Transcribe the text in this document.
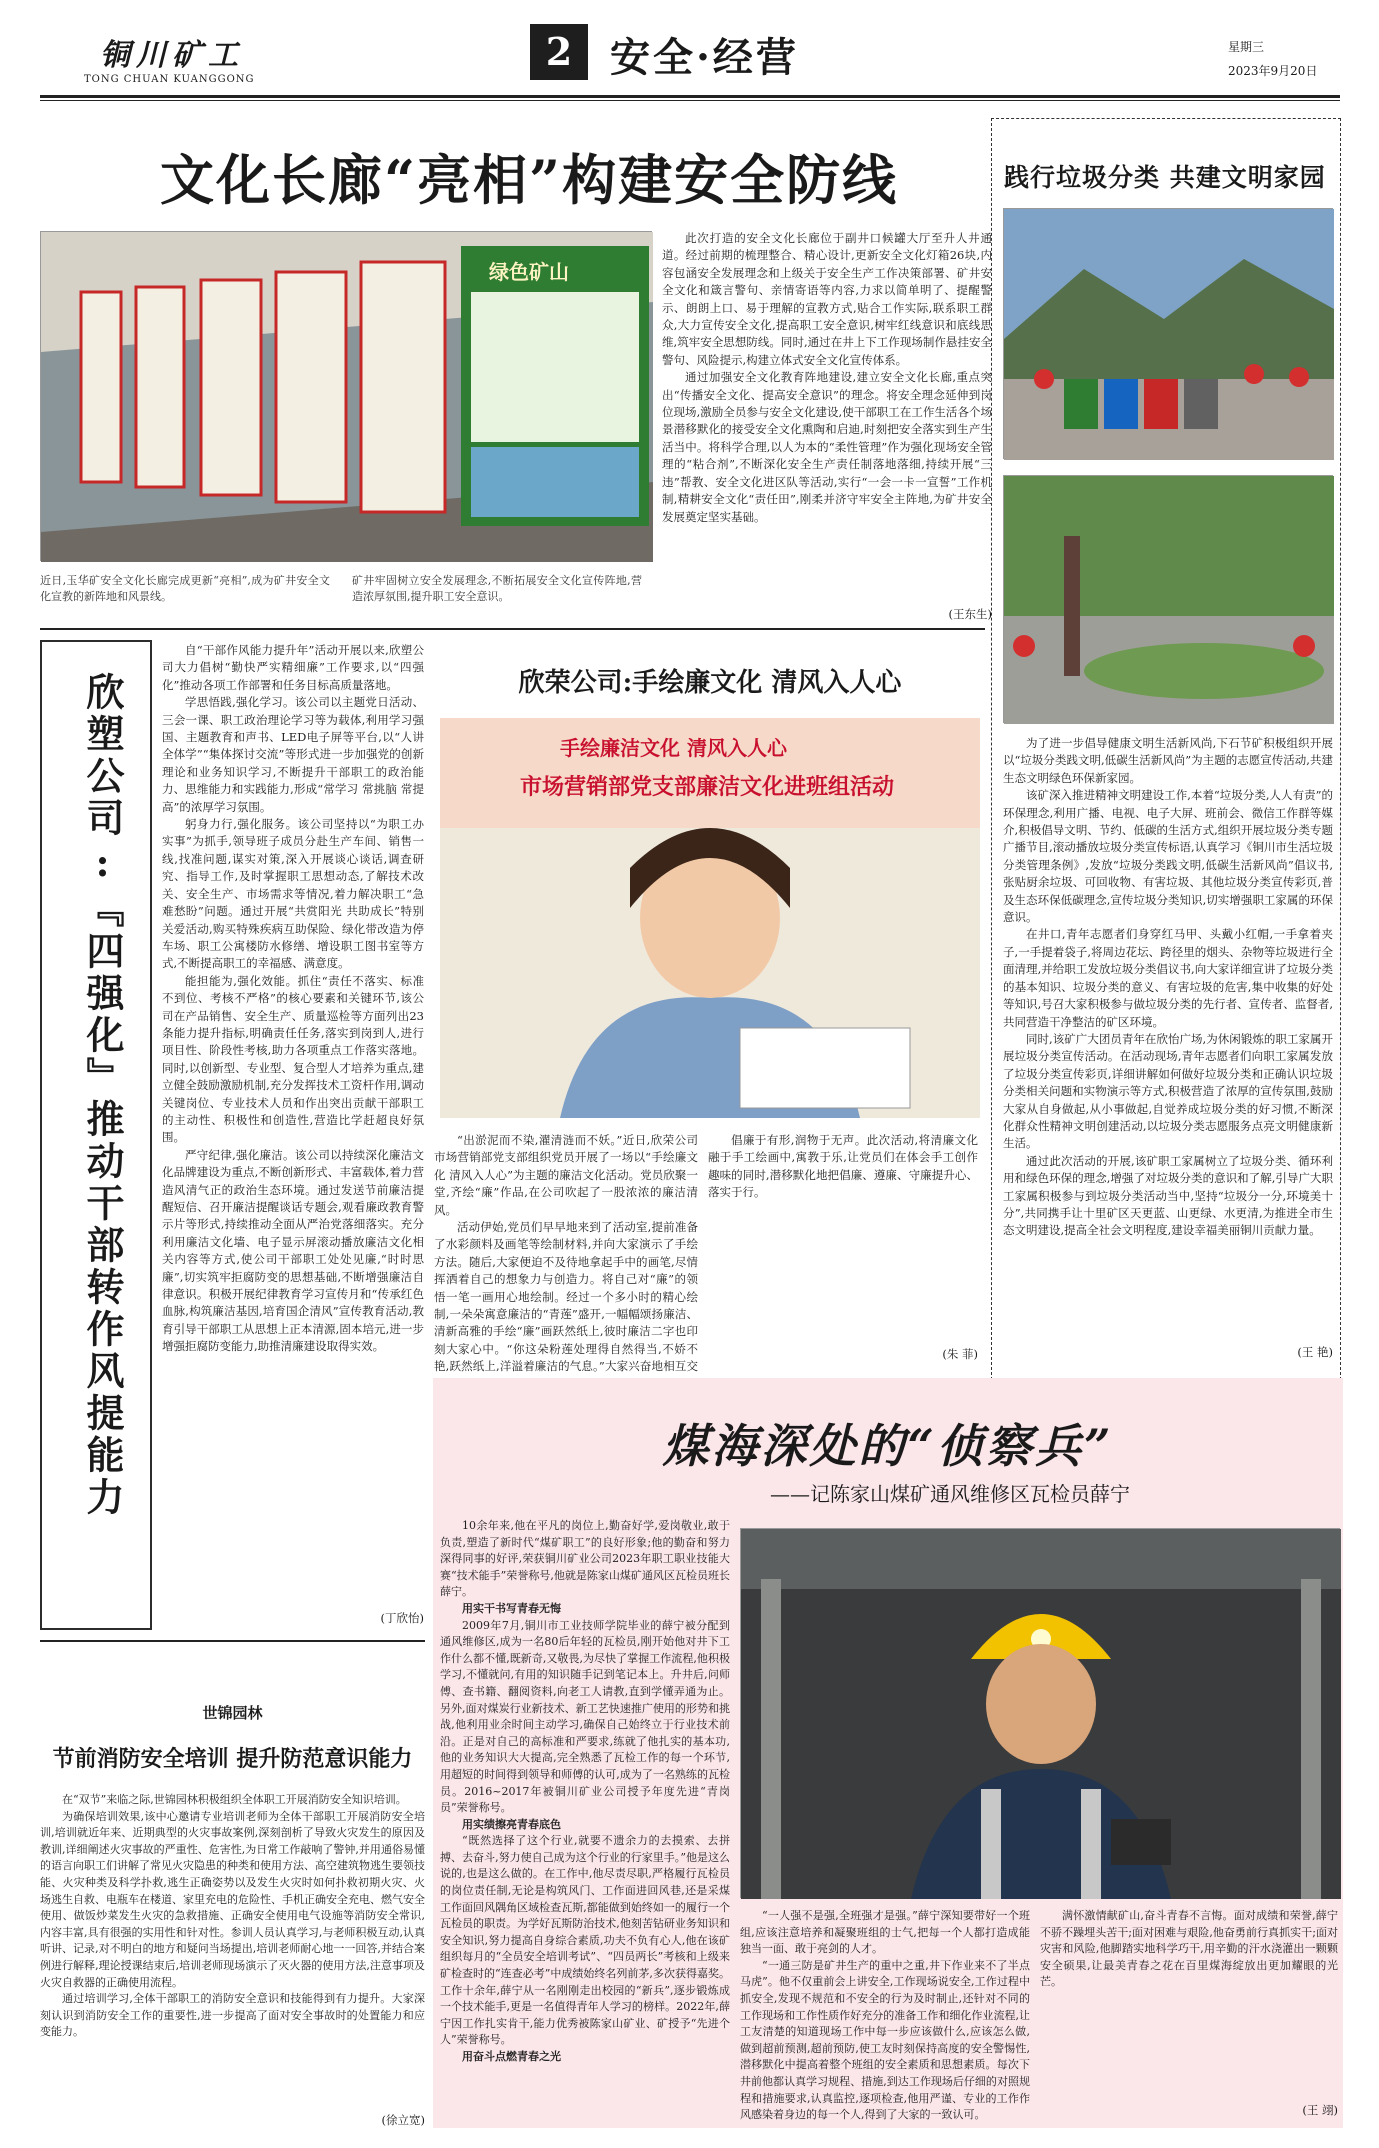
铜川矿工
TONG CHUAN KUANGGONG
2 安全·经营	星期三
2023年9月20日
文化长廊“亮相”构建安全防线
绿色矿山
近日,玉华矿安全文化长廊完成更新“亮相”,成为矿井安全文化宣教的新阵地和风景线。
矿井牢固树立安全发展理念,不断拓展安全文化宣传阵地,营造浓厚氛围,提升职工安全意识。

此次打造的安全文化长廊位于副井口候罐大厅至升人井通道。经过前期的梳理整合、精心设计,更新安全文化灯箱26块,内容包涵安全发展理念和上级关于安全生产工作决策部署、矿井安全文化和箴言警句、亲情寄语等内容,力求以简单明了、提醒警示、朗朗上口、易于理解的宣教方式,贴合工作实际,联系职工群众,大力宣传安全文化,提高职工安全意识,树牢红线意识和底线思维,筑牢安全思想防线。同时,通过在井上下工作现场制作悬挂安全警句、风险提示,构建立体式安全文化宣传体系。

通过加强安全文化教育阵地建设,建立安全文化长廊,重点突出“传播安全文化、提高安全意识”的理念。将安全理念延伸到岗位现场,激励全员参与安全文化建设,使干部职工在工作生活各个场景潜移默化的接受安全文化熏陶和启迪,时刻把安全落实到生产生活当中。将科学合理,以人为本的“柔性管理”作为强化现场安全管理的“粘合剂”,不断深化安全生产责任制落地落细,持续开展“三违”帮教、安全文化进区队等活动,实行“一会一卡一宣誓”工作机制,精耕安全文化“责任田”,刚柔并济守牢安全主阵地,为矿井安全发展奠定坚实基础。

(王东生)
践行垃圾分类 共建文明家园

为了进一步倡导健康文明生活新风尚,下石节矿积极组织开展以“垃圾分类践文明,低碳生活新风尚”为主题的志愿宣传活动,共建生态文明绿色环保新家园。

该矿深入推进精神文明建设工作,本着“垃圾分类,人人有责”的环保理念,利用广播、电视、电子大屏、班前会、微信工作群等媒介,积极倡导文明、节约、低碳的生活方式,组织开展垃圾分类专题广播节目,滚动播放垃圾分类宣传标语,认真学习《铜川市生活垃圾分类管理条例》,发放“垃圾分类践文明,低碳生活新风尚”倡议书,张贴厨余垃圾、可回收物、有害垃圾、其他垃圾分类宣传彩页,普及生态环保低碳理念,宣传垃圾分类知识,切实增强职工家属的环保意识。

在井口,青年志愿者们身穿红马甲、头戴小红帽,一手拿着夹子,一手提着袋子,将周边花坛、跨径里的烟头、杂物等垃圾进行全面清理,并给职工发放垃圾分类倡议书,向大家详细宣讲了垃圾分类的基本知识、垃圾分类的意义、有害垃圾的危害,集中收集的好处等知识,号召大家积极参与做垃圾分类的先行者、宣传者、监督者,共同营造干净整洁的矿区环境。

同时,该矿广大团员青年在欣怡广场,为休闲锻炼的职工家属开展垃圾分类宣传活动。在活动现场,青年志愿者们向职工家属发放了垃圾分类宣传彩页,详细讲解如何做好垃圾分类和正确认识垃圾分类相关问题和实物演示等方式,积极营造了浓厚的宣传氛围,鼓励大家从自身做起,从小事做起,自觉养成垃圾分类的好习惯,不断深化群众性精神文明创建活动,以垃圾分类志愿服务点亮文明健康新生活。

通过此次活动的开展,该矿职工家属树立了垃圾分类、循环利用和绿色环保的理念,增强了对垃圾分类的意识和了解,引导广大职工家属积极参与到垃圾分类活动当中,坚持“垃圾分一分,环境美十分”,共同携手让十里矿区天更蓝、山更绿、水更清,为推进全市生态文明建设,提高全社会文明程度,建设幸福美丽铜川贡献力量。

(王 艳)
欣塑公司:『四强化』推动干部转作风提能力

自“干部作风能力提升年”活动开展以来,欣塑公司大力倡树“勤快严实精细廉”工作要求,以“四强化”推动各项工作部署和任务目标高质量落地。

学思悟践,强化学习。该公司以主题党日活动、三会一课、职工政治理论学习等为载体,利用学习强国、主题教育和声书、LED电子屏等平台,以“人讲 全体学”“集体探讨交流”等形式进一步加强党的创新理论和业务知识学习,不断提升干部职工的政治能力、思维能力和实践能力,形成“常学习 常挑脑 常提高”的浓厚学习氛围。

躬身力行,强化服务。该公司坚持以“为职工办实事”为抓手,领导班子成员分赴生产车间、销售一线,找准问题,谋实对策,深入开展谈心谈话,调查研究、指导工作,及时掌握职工思想动态,了解技术改关、安全生产、市场需求等情况,着力解决职工“急难愁盼”问题。通过开展“共赏阳光 共助成长”特别关爱活动,购买特殊疾病互助保险、绿化带改造为停车场、职工公寓楼防水修缮、增设职工图书室等方式,不断提高职工的幸福感、满意度。

能担能为,强化效能。抓住“责任不落实、标准不到位、考核不严格”的核心要素和关键环节,该公司在产品销售、安全生产、质量巡检等方面列出23条能力提升指标,明确责任任务,落实到岗到人,进行项目性、阶段性考核,助力各项重点工作落实落地。同时,以创新型、专业型、复合型人才培养为重点,建立健全鼓励激励机制,充分发挥技术工资杆作用,调动关键岗位、专业技术人员和作出突出贡献干部职工的主动性、积极性和创造性,营造比学赶超良好氛围。

严守纪律,强化廉洁。该公司以持续深化廉洁文化品牌建设为重点,不断创新形式、丰富载体,着力营造风清气正的政治生态环境。通过发送节前廉洁提醒短信、召开廉洁提醒谈话专题会,观看廉政教育警示片等形式,持续推动全面从严治党落细落实。充分利用廉洁文化墙、电子显示屏滚动播放廉洁文化相关内容等方式,使公司干部职工处处见廉,“时时思廉”,切实筑牢拒腐防变的思想基础,不断增强廉洁自律意识。积极开展纪律教育学习宣传月和“传承红色血脉,构筑廉洁基因,培育国企清风”宣传教育活动,教育引导干部职工从思想上正本清源,固本培元,进一步增强拒腐防变能力,助推清廉建设取得实效。

(丁欣怡)
欣荣公司:手绘廉文化 清风入人心
手绘廉洁文化 清风入人心
市场营销部党支部廉洁文化进班组活动

“出淤泥而不染,濯清涟而不妖。”近日,欣荣公司市场营销部党支部组织党员开展了一场以“手绘廉文化 清风入人心”为主题的廉洁文化活动。党员欣聚一堂,齐绘“廉”作品,在公司吹起了一股浓浓的廉洁清风。

活动伊始,党员们早早地来到了活动室,提前准备了水彩颜料及画笔等绘制材料,并向大家演示了手绘方法。随后,大家便迫不及待地拿起手中的画笔,尽情挥洒着自己的想象力与创造力。将自己对“廉”的领悟一笔一画用心地绘制。经过一个多小时的精心绘制,一朵朵寓意廉洁的“青莲”盛开,一幅幅颂扬廉洁、清新高雅的手绘“廉”画跃然纸上,彼时廉洁二字也印刻大家心中。“你这朵粉莲处理得自然得当,不娇不艳,跃然纸上,洋溢着廉洁的气息。”大家兴奋地相互交

倡廉于有形,润物于无声。此次活动,将清廉文化融于手工绘画中,寓教于乐,让党员们在体会手工创作趣味的同时,潜移默化地把倡廉、遵廉、守廉提升心、落实于行。

(朱 菲)
世锦园林
节前消防安全培训 提升防范意识能力

在“双节”来临之际,世锦园林积极组织全体职工开展消防安全知识培训。

为确保培训效果,该中心邀请专业培训老师为全体干部职工开展消防安全培训,培训就近年来、近期典型的火灾事故案例,深刻剖析了导致火灾发生的原因及教训,详细阐述火灾事故的严重性、危害性,为日常工作敲响了警钟,并用通俗易懂的语言向职工们讲解了常见火灾隐患的种类和使用方法、高空建筑物逃生要领技能、火灾种类及科学扑救,逃生正确姿势以及发生火灾时如何扑救初期火灾、火场逃生自救、电瓶车在楼道、家里充电的危险性、手机正确安全充电、燃气安全使用、做饭炒菜发生火灾的急救措施、正确安全使用电气设施等消防安全常识,内容丰富,具有很强的实用性和针对性。参训人员认真学习,与老师积极互动,认真听讲、记录,对不明白的地方和疑问当场提出,培训老师耐心地一一回答,并结合案例进行解释,理论授课结束后,培训老师现场演示了灭火器的使用方法,注意事项及火灾自救器的正确使用流程。

通过培训学习,全体干部职工的消防安全意识和技能得到有力提升。大家深刻认识到消防安全工作的重要性,进一步提高了面对安全事故时的处置能力和应变能力。

(徐立宽)
煤海深处的“侦察兵”
——记陈家山煤矿通风维修区瓦检员薛宁

10余年来,他在平凡的岗位上,勤奋好学,爱岗敬业,敢于负责,塑造了新时代“煤矿职工”的良好形象;他的勤奋和努力深得同事的好评,荣获铜川矿业公司2023年职工职业技能大赛“技术能手”荣誉称号,他就是陈家山煤矿通风区瓦检员班长薛宁。

用实干书写青春无悔

2009年7月,铜川市工业技师学院毕业的薛宁被分配到通风维修区,成为一名80后年轻的瓦检员,刚开始他对井下工作什么都不懂,既新奇,又敬畏,为尽快了掌握工作流程,他积极学习,不懂就问,有用的知识随手记到笔记本上。升井后,问师傅、查书籍、翻阅资料,向老工人请教,直到学懂弄通为止。另外,面对煤炭行业新技术、新工艺快速推广使用的形势和挑战,他利用业余时间主动学习,确保自己始终立于行业技术前沿。正是对自己的高标准和严要求,练就了他扎实的基本功,他的业务知识大大提高,完全熟悉了瓦检工作的每一个环节,用超短的时间得到领导和师傅的认可,成为了一名熟练的瓦检员。2016~2017年被铜川矿业公司授予年度先进“青岗员”荣誉称号。

用实绩擦亮青春底色

“既然选择了这个行业,就要不遗余力的去摸索、去拼搏、去奋斗,努力使自己成为这个行业的行家里手。”他是这么说的,也是这么做的。在工作中,他尽责尽职,严格履行瓦检员的岗位责任制,无论是构筑风门、工作面进回风巷,还是采煤工作面回风隅角区域检查瓦斯,都能做到始终如一的履行一个瓦检员的职责。为学好瓦斯防治技术,他刻苦钻研业务知识和安全知识,努力提高自身综合素质,功夫不负有心人,他在该矿组织每月的“全员安全培训考试”、“四员两长”考核和上级来矿检查时的“连查必考”中成绩始终名列前茅,多次获得嘉奖。工作十余年,薛宁从一名刚刚走出校园的“新兵”,逐步锻炼成一个技术能手,更是一名值得青年人学习的榜样。2022年,薛宁因工作扎实肯干,能力优秀被陈家山矿业、矿授予“先进个人”荣誉称号。

用奋斗点燃青春之光

“一人强不是强,全班强才是强。”薛宁深知要带好一个班组,应该注意培养和凝聚班组的士气,把每一个人都打造成能独当一面、敢于亮剑的人才。

“一通三防是矿井生产的重中之重,井下作业来不了半点马虎”。他不仅重前会上讲安全,工作现场说安全,工作过程中抓安全,发现不规范和不安全的行为及时制止,还针对不同的工作现场和工作性质作好充分的准备工作和细化作业流程,让工友清楚的知道现场工作中每一步应该做什么,应该怎么做,做到超前预测,超前预防,使工友时刻保持高度的安全警惕性,潜移默化中提高着整个班组的安全素质和思想素质。每次下井前他都认真学习规程、措施,到达工作现场后仔细的对照规程和措施要求,认真监控,逐项检查,他用严谨、专业的工作作风感染着身边的每一个人,得到了大家的一致认可。

满怀激情献矿山,奋斗青春不言悔。面对成绩和荣誉,薛宁不骄不躁埋头苦干;面对困难与艰险,他奋勇前行真抓实干;面对灾害和风险,他脚踏实地科学巧干,用辛勤的汗水浇灌出一颗颗安全硕果,让最美青春之花在百里煤海绽放出更加耀眼的光芒。

(王 翊)
